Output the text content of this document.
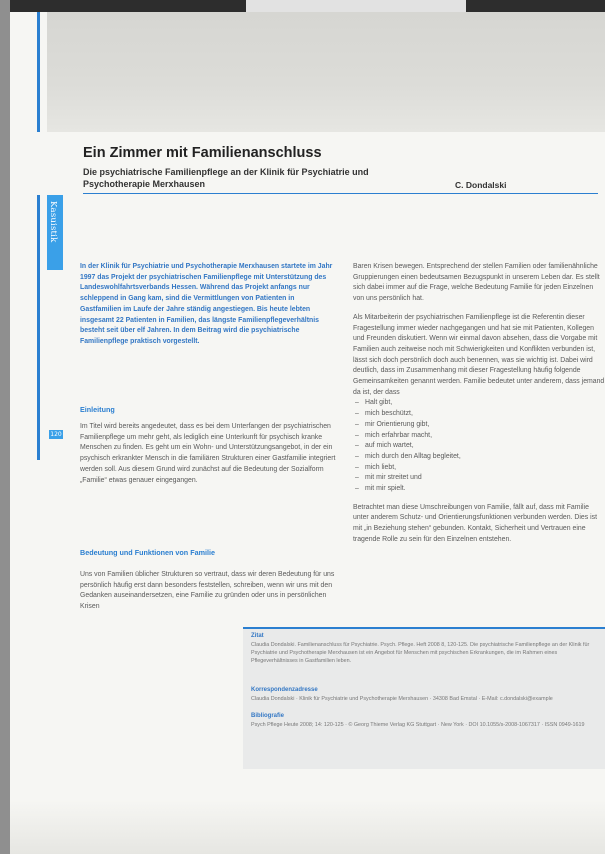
Kasuistik
120
Ein Zimmer mit Familienanschluss

Die psychiatrische Familienpflege an der Klinik für Psychiatrie und Psychotherapie Merxhausen	C. Dondalski
In der Klinik für Psychiatrie und Psychotherapie Merxhausen startete im Jahr 1997 das Projekt der psychiatrischen Familienpflege mit Unterstützung des Landeswohlfahrtsverbands Hessen. Während das Projekt anfangs nur schleppend in Gang kam, sind die Vermittlungen von Patienten in Gastfamilien im Laufe der Jahre ständig angestiegen. Bis heute lebten insgesamt 22 Patienten in Familien, das längste Familienpflegeverhältnis besteht seit über elf Jahren. In dem Beitrag wird die psychiatrische Familienpflege praktisch vorgestellt.
Einleitung
Im Titel wird bereits angedeutet, dass es bei dem Unterfangen der psychiatrischen Familienpflege um mehr geht, als lediglich eine Unterkunft für psychisch kranke Menschen zu finden. Es geht um ein Wohn- und Unterstützungsangebot, in der ein psychisch erkrankter Mensch in die familiären Strukturen einer Gastfamilie integriert werden soll. Aus diesem Grund wird zunächst auf die Bedeutung der Sozialform „Familie“ etwas genauer eingegangen.
Bedeutung und Funktionen von Familie
Uns von Familien üblicher Strukturen so vertraut, dass wir deren Bedeutung für uns persönlich häufig erst dann besonders feststellen, schreiben, wenn wir uns mit den Gedanken auseinandersetzen, eine Familie zu gründen oder uns in persönlichen Krisen

Baren Krisen bewegen. Entsprechend der stellen Familien oder familienähnliche Gruppierungen einen bedeutsamen Bezugspunkt in unserem Leben dar. Es stellt sich dabei immer auf die Frage, welche Bedeutung Familie für jeden Einzelnen von uns persönlich hat.

Als Mitarbeiterin der psychiatrischen Familienpflege ist die Referentin dieser Fragestellung immer wieder nachgegangen und hat sie mit Patienten, Kollegen und Freunden diskutiert. Wenn wir einmal davon absehen, dass die Vorgabe mit Familien auch zeitweise noch mit Schwierigkeiten und Konflikten verbunden ist, lässt sich doch persönlich doch auch benennen, was sie wichtig ist. Dabei wird deutlich, dass im Zusammenhang mit dieser Fragestellung häufig folgende Gemeinsamkeiten genannt werden. Familie bedeutet unter anderem, dass jemand da ist, der dass

– Halt gibt,
– mich beschützt,
– mir Orientierung gibt,
– mich erfahrbar macht,
– auf mich wartet,
– mich durch den Alltag begleitet,
– mich liebt,
– mit mir streitet und
– mit mir spielt.

Betrachtet man diese Umschreibungen von Familie, fällt auf, dass mit Familie unter anderem Schutz- und Orientierungsfunktionen verbunden werden. Dies ist mit „in Beziehung stehen“ gebunden. Kontakt, Sicherheit und Vertrauen eine tragende Rolle zu sein für den Einzelnen entstehen.

Zitat
Claudia Dondalski. Familienanschluss für Psychiatrie. Psych. Pflege. Heft 2008 8, 120-125. Die psychiatrische Familienpflege an der Klinik für Psychiatrie und Psychotherapie Merxhausen ist ein Angebot für Menschen mit psychischen Erkrankungen, die im Rahmen eines Pflegeverhältnisses in Gastfamilien leben.
Korrespondenzadresse
Claudia Dondalski · Klinik für Psychiatrie und Psychotherapie Merxhausen · 34308 Bad Emstal · E-Mail: c.dondalski@example
Bibliografie
Psych Pflege Heute 2008; 14: 120-125 · © Georg Thieme Verlag KG Stuttgart · New York · DOI 10.1055/s-2008-1067317 · ISSN 0949-1619
